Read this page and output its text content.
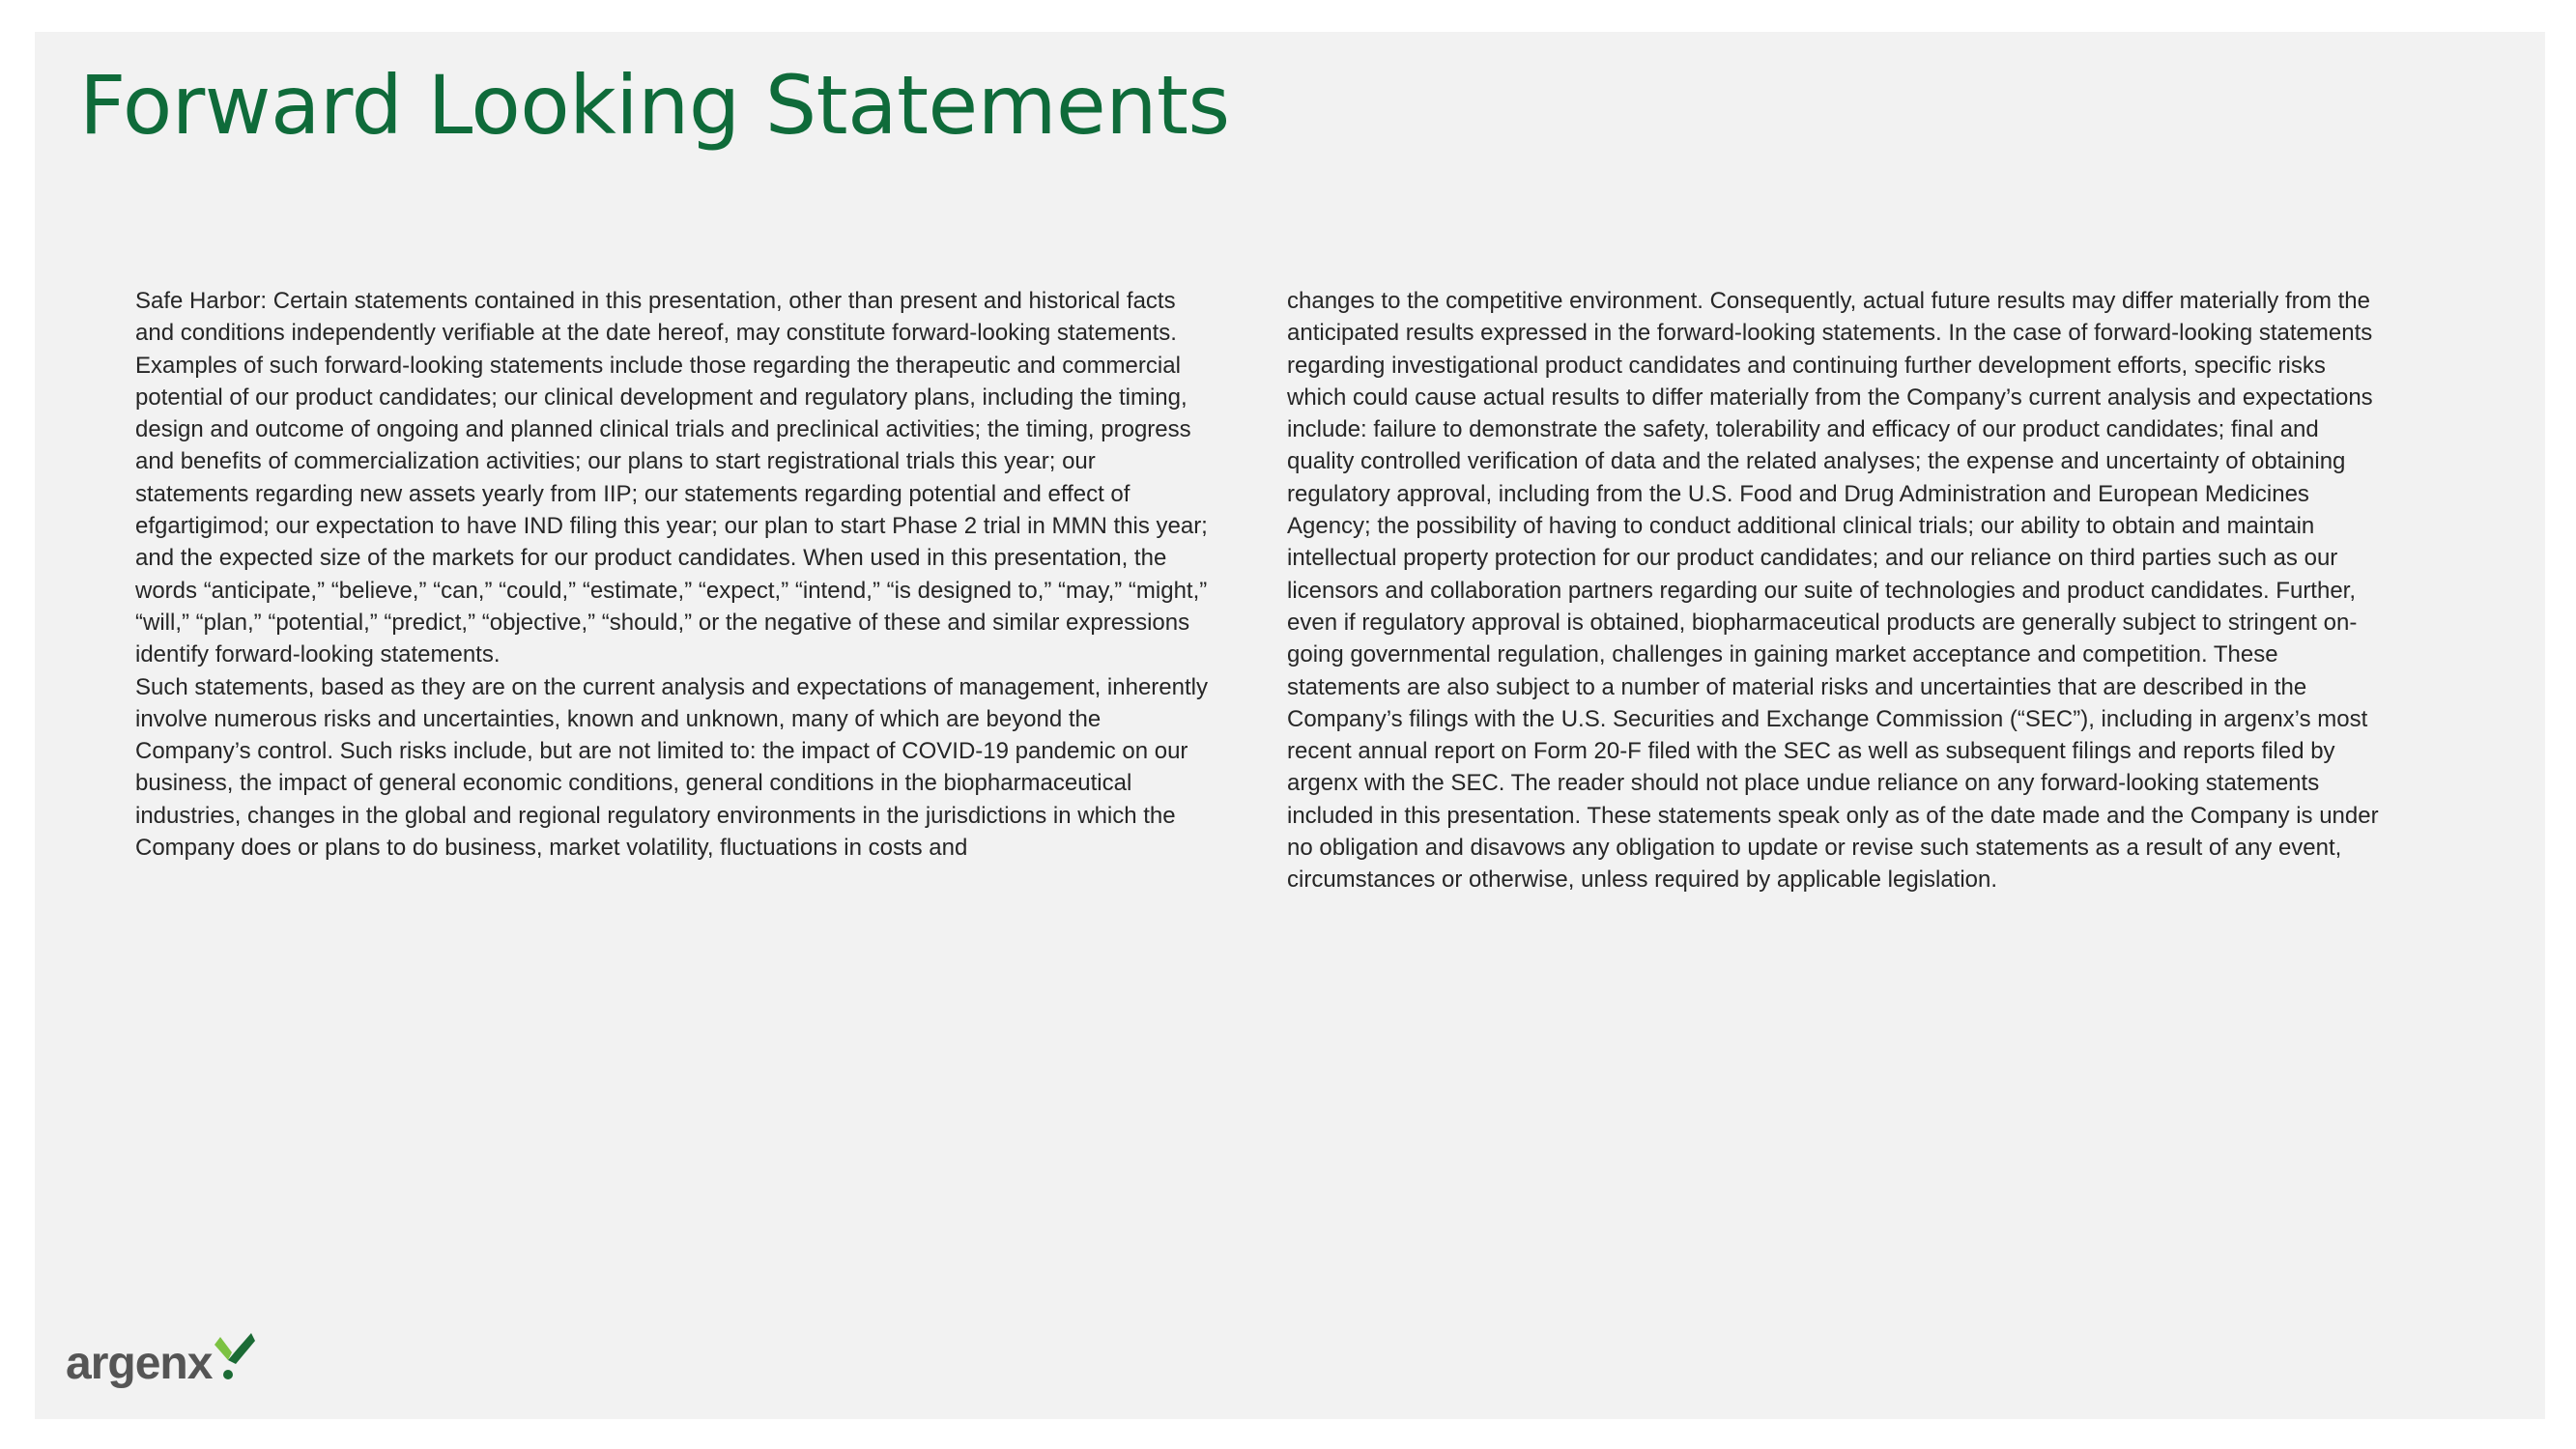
Forward Looking Statements

Safe Harbor: Certain statements contained in this presentation, other than present and historical facts and conditions independently verifiable at the date hereof, may constitute forward-looking statements. Examples of such forward-looking statements include those regarding the therapeutic and commercial potential of our product candidates; our clinical development and regulatory plans, including the timing, design and outcome of ongoing and planned clinical trials and preclinical activities; the timing, progress and benefits of commercialization activities; our plans to start registrational trials this year; our statements regarding new assets yearly from IIP; our statements regarding potential and effect of efgartigimod; our expectation to have IND filing this year; our plan to start Phase 2 trial in MMN this year; and the expected size of the markets for our product candidates. When used in this presentation, the words “anticipate,” “believe,” “can,” “could,” “estimate,” “expect,” “intend,” “is designed to,” “may,” “might,” “will,” “plan,” “potential,” “predict,” “objective,” “should,” or the negative of these and similar expressions identify forward-looking statements.

Such statements, based as they are on the current analysis and expectations of management, inherently involve numerous risks and uncertainties, known and unknown, many of which are beyond the Company’s control. Such risks include, but are not limited to: the impact of COVID-19 pandemic on our business, the impact of general economic conditions, general conditions in the biopharmaceutical industries, changes in the global and regional regulatory environments in the jurisdictions in which the Company does or plans to do business, market volatility, fluctuations in costs and

changes to the competitive environment. Consequently, actual future results may differ materially from the anticipated results expressed in the forward-looking statements. In the case of forward-looking statements regarding investigational product candidates and continuing further development efforts, specific risks which could cause actual results to differ materially from the Company’s current analysis and expectations include: failure to demonstrate the safety, tolerability and efficacy of our product candidates; final and quality controlled verification of data and the related analyses; the expense and uncertainty of obtaining regulatory approval, including from the U.S. Food and Drug Administration and European Medicines Agency; the possibility of having to conduct additional clinical trials; our ability to obtain and maintain intellectual property protection for our product candidates; and our reliance on third parties such as our licensors and collaboration partners regarding our suite of technologies and product candidates. Further, even if regulatory approval is obtained, biopharmaceutical products are generally subject to stringent on-going governmental regulation, challenges in gaining market acceptance and competition. These statements are also subject to a number of material risks and uncertainties that are described in the Company’s filings with the U.S. Securities and Exchange Commission (“SEC”), including in argenx’s most recent annual report on Form 20-F filed with the SEC as well as subsequent filings and reports filed by argenx with the SEC. The reader should not place undue reliance on any forward-looking statements included in this presentation. These statements speak only as of the date made and the Company is under no obligation and disavows any obligation to update or revise such statements as a result of any event, circumstances or otherwise, unless required by applicable legislation.

argenx
